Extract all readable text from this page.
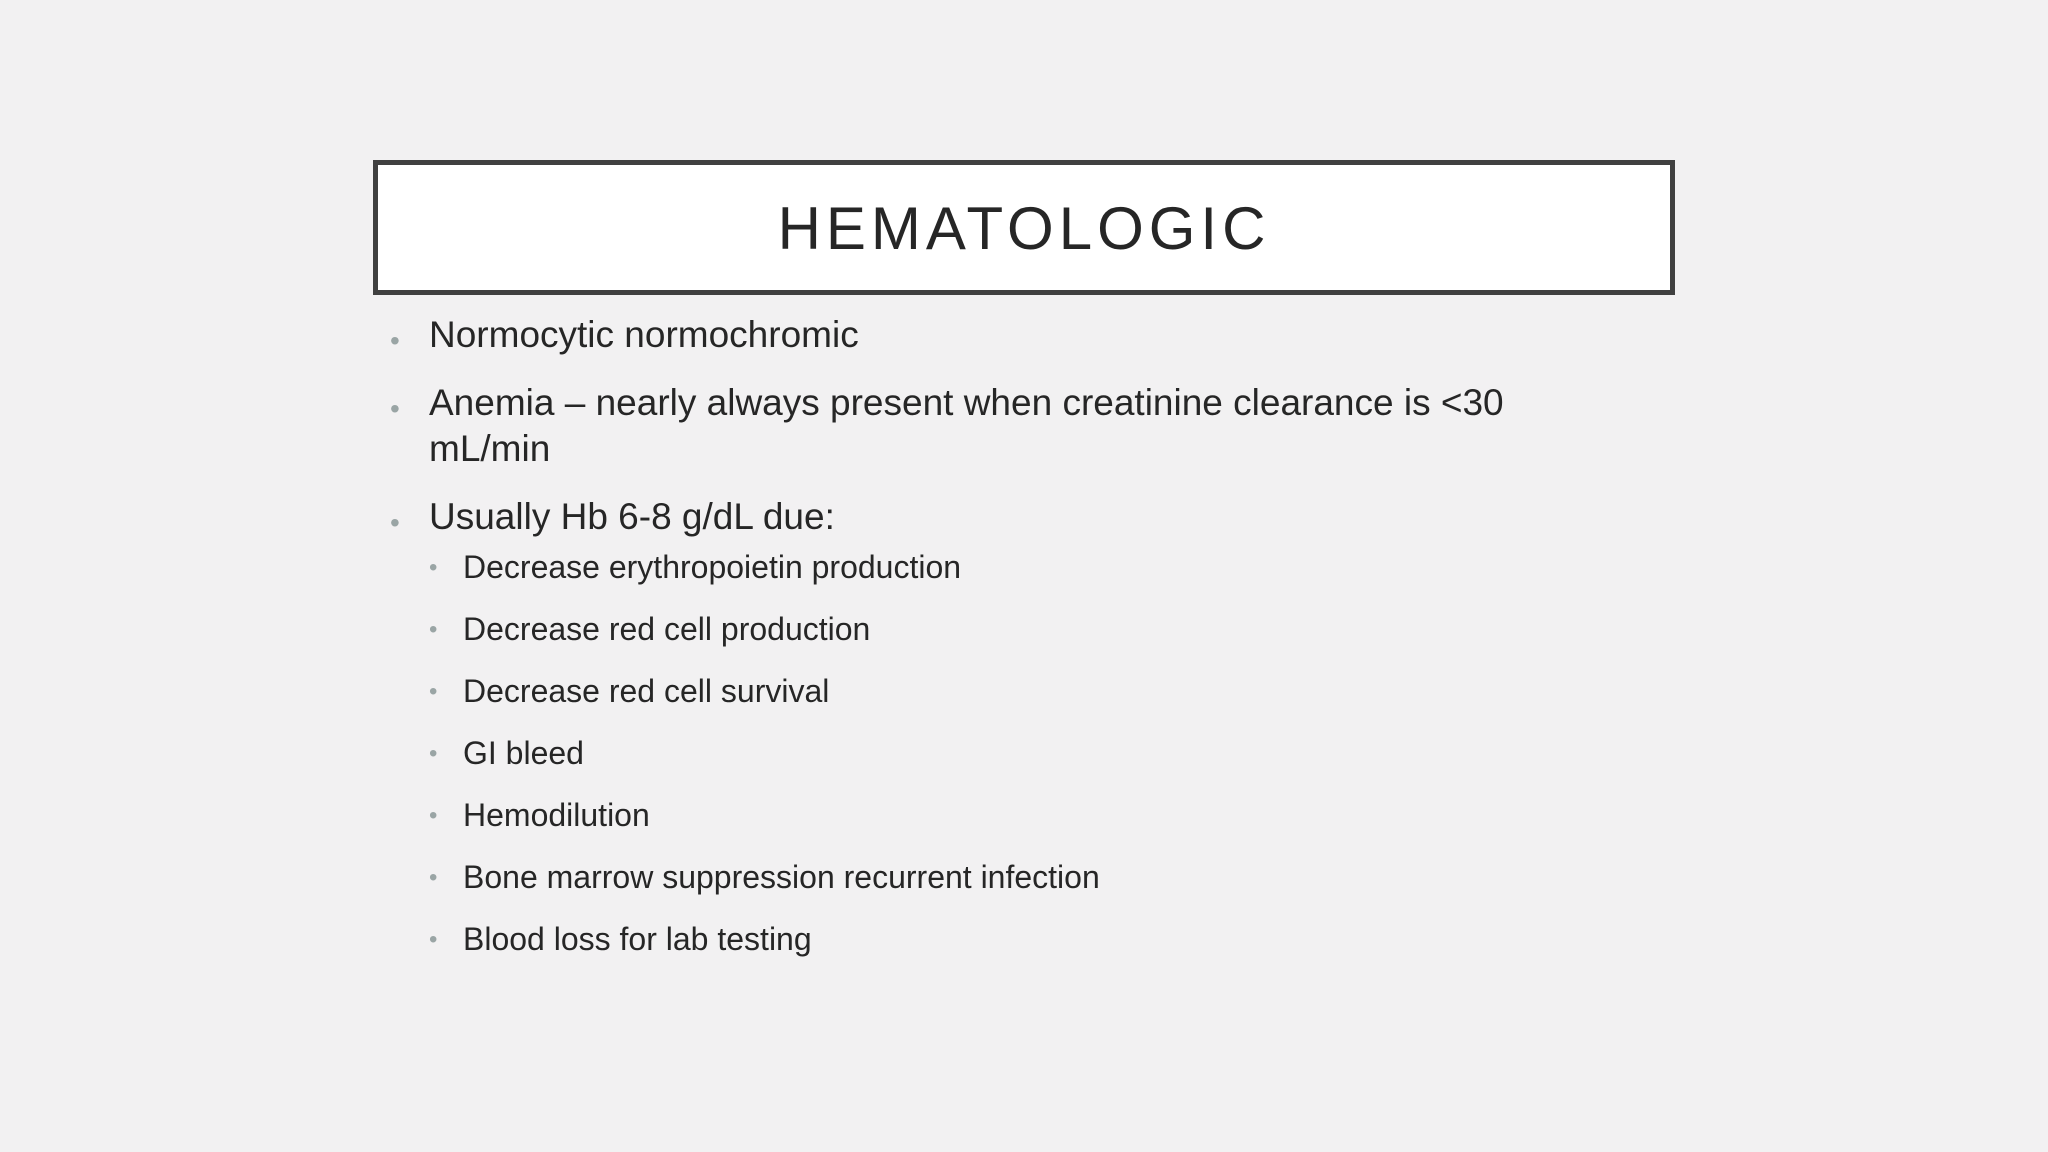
HEMATOLOGIC
• Normocytic normochromic
• Anemia – nearly always present when creatinine clearance is <30 mL/min
• Usually Hb 6-8 g/dL due:
• Decrease erythropoietin production
• Decrease red cell production
• Decrease red cell survival
• GI bleed
• Hemodilution
• Bone marrow suppression recurrent infection
• Blood loss for lab testing
